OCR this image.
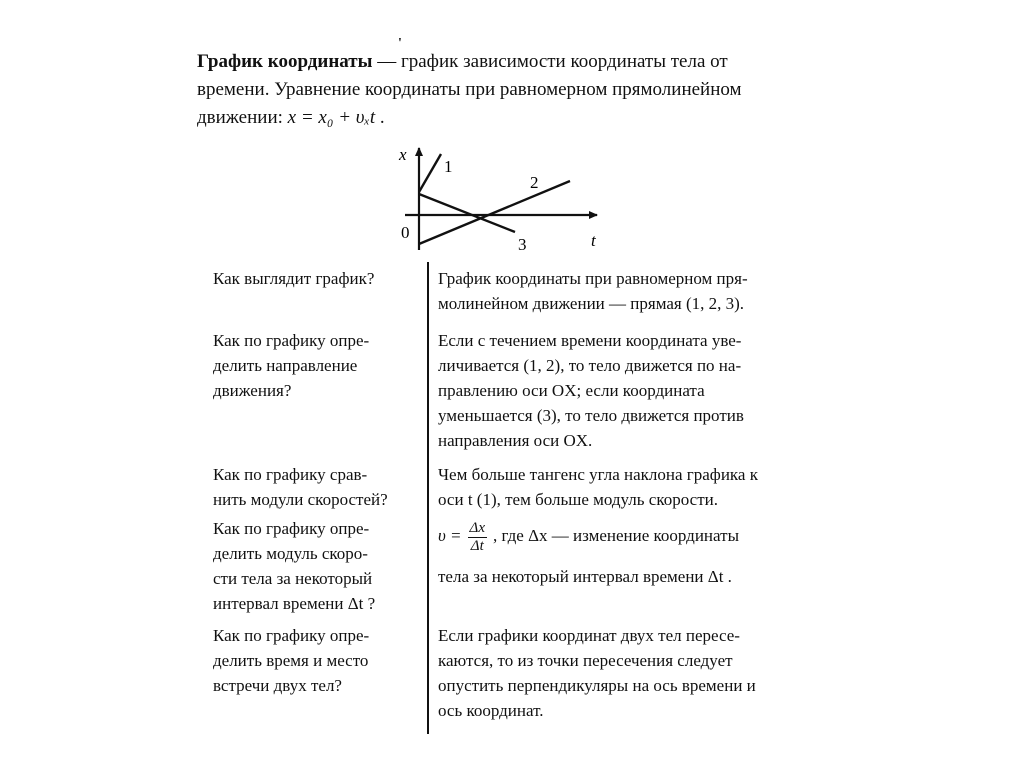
'
График координаты — график зависимости координаты тела от
времени. Уравнение координаты при равномерном прямолинейном
движении: x = x₀ + υₓt .
x
t
0
1
2
3
Как выглядит график?	График координаты при равномерном пря-
молинейном движении — прямая (1, 2, 3).
Как по графику опре-
делить направление
движения?
Если с течением времени координата уве-
личивается (1, 2), то тело движется по на-
правлению оси OX; если координата
уменьшается (3), то тело движется против
направления оси OX.
Как по графику срав-
нить модули скоростей?
Чем больше тангенс угла наклона графика к
оси t (1), тем больше модуль скорости.
Как по графику опре-
делить модуль скоро-
сти тела за некоторый
интервал времени Δt ?
$\upsilon = \frac{\Delta x}{\Delta t}$ , где Δx — изменение координаты
тела за некоторый интервал времени Δt .
Как по графику опре-
делить время и место
встречи двух тел?
Если графики координат двух тел пересе-
каются, то из точки пересечения следует
опустить перпендикуляры на ось времени и
ось координат.
